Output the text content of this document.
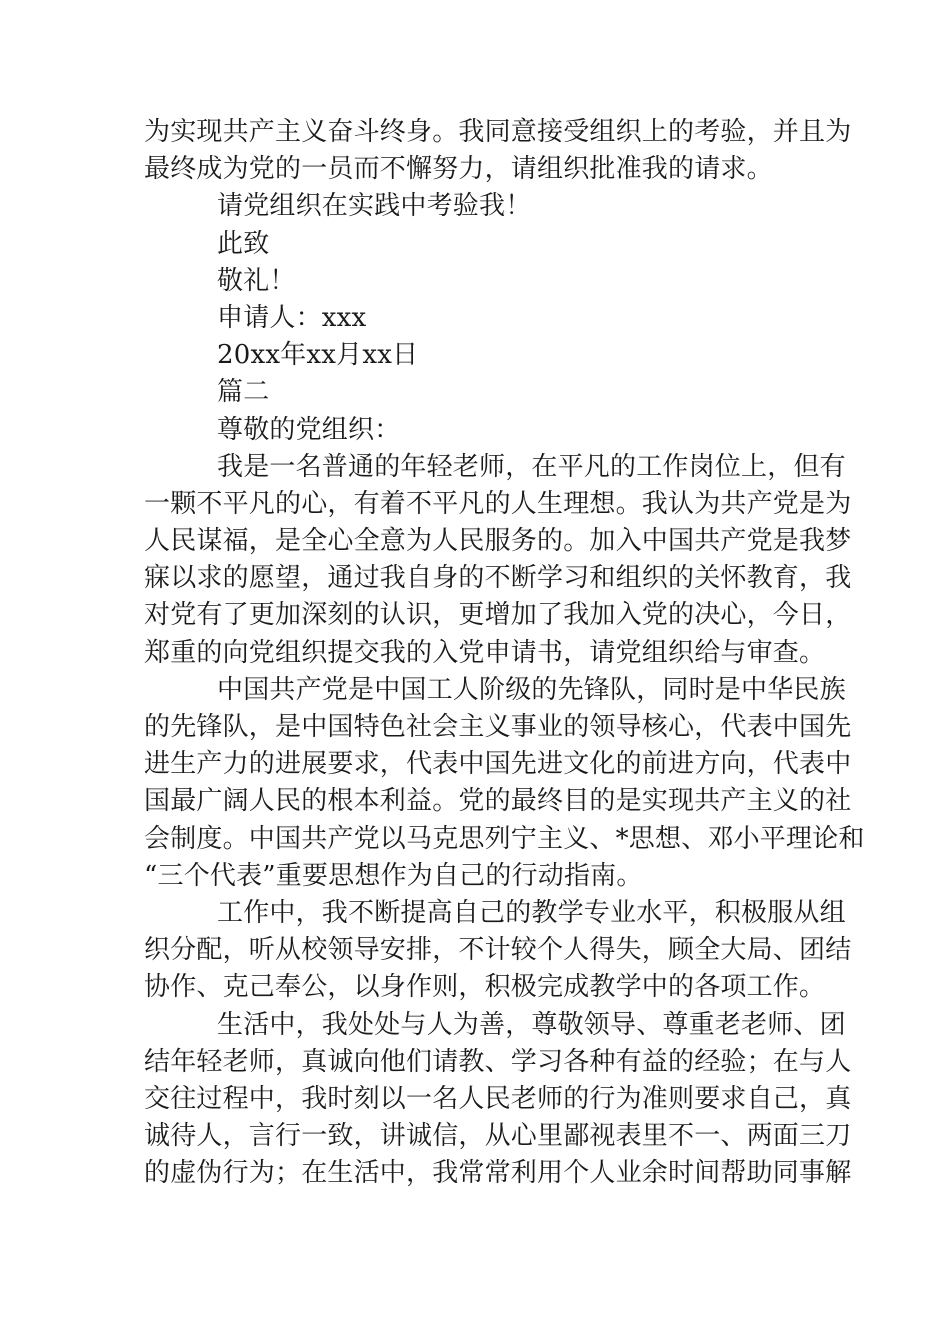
为实现共产主义奋斗终身。我同意接受组织上的考验，并且为
最终成为党的一员而不懈努力，请组织批准我的请求。
请党组织在实践中考验我！
此致
敬礼！
申请人：xxx
20xx年xx月xx日
篇二
尊敬的党组织：
我是一名普通的年轻老师，在平凡的工作岗位上，但有
一颗不平凡的心，有着不平凡的人生理想。我认为共产党是为
人民谋福，是全心全意为人民服务的。加入中国共产党是我梦
寐以求的愿望，通过我自身的不断学习和组织的关怀教育，我
对党有了更加深刻的认识，更增加了我加入党的决心，今日，
郑重的向党组织提交我的入党申请书，请党组织给与审查。
中国共产党是中国工人阶级的先锋队，同时是中华民族
的先锋队，是中国特色社会主义事业的领导核心，代表中国先
进生产力的进展要求，代表中国先进文化的前进方向，代表中
国最广阔人民的根本利益。党的最终目的是实现共产主义的社
会制度。中国共产党以马克思列宁主义、*思想、邓小平理论和
“三个代表”重要思想作为自己的行动指南。
工作中，我不断提高自己的教学专业水平，积极服从组
织分配，听从校领导安排，不计较个人得失，顾全大局、团结
协作、克己奉公，以身作则，积极完成教学中的各项工作。
生活中，我处处与人为善，尊敬领导、尊重老老师、团
结年轻老师，真诚向他们请教、学习各种有益的经验；在与人
交往过程中，我时刻以一名人民老师的行为准则要求自己，真
诚待人，言行一致，讲诚信，从心里鄙视表里不一、两面三刀
的虚伪行为；在生活中，我常常利用个人业余时间帮助同事解
